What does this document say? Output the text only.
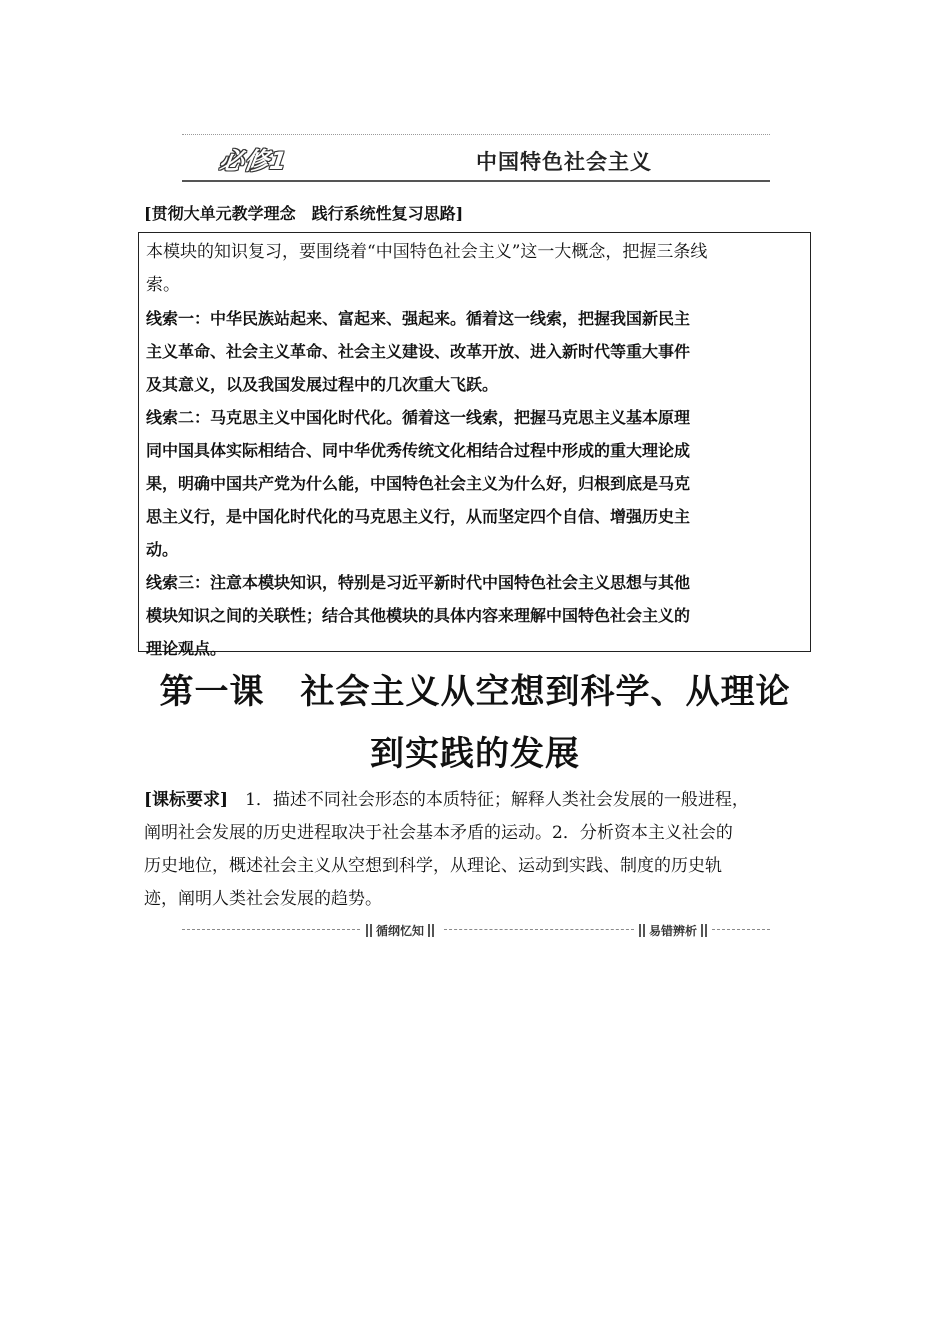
必修1	中国特色社会主义
[贯彻大单元教学理念　践行系统性复习思路]

本模块的知识复习，要围绕着“中国特色社会主义”这一大概念，把握三条线

索。

线索一：中华民族站起来、富起来、强起来。循着这一线索，把握我国新民主

主义革命、社会主义革命、社会主义建设、改革开放、进入新时代等重大事件

及其意义，以及我国发展过程中的几次重大飞跃。

线索二：马克思主义中国化时代化。循着这一线索，把握马克思主义基本原理

同中国具体实际相结合、同中华优秀传统文化相结合过程中形成的重大理论成

果，明确中国共产党为什么能，中国特色社会主义为什么好，归根到底是马克

思主义行，是中国化时代化的马克思主义行，从而坚定四个自信、增强历史主

动。

线索三：注意本模块知识，特别是习近平新时代中国特色社会主义思想与其他

模块知识之间的关联性；结合其他模块的具体内容来理解中国特色社会主义的

理论观点。

第一课 社会主义从空想到科学、从理论
到实践的发展
[课标要求]　1．描述不同社会形态的本质特征；解释人类社会发展的一般进程，
阐明社会发展的历史进程取决于社会基本矛盾的运动。2．分析资本主义社会的
历史地位，概述社会主义从空想到科学，从理论、运动到实践、制度的历史轨
迹，阐明人类社会发展的趋势。
循纲忆知	易错辨析
